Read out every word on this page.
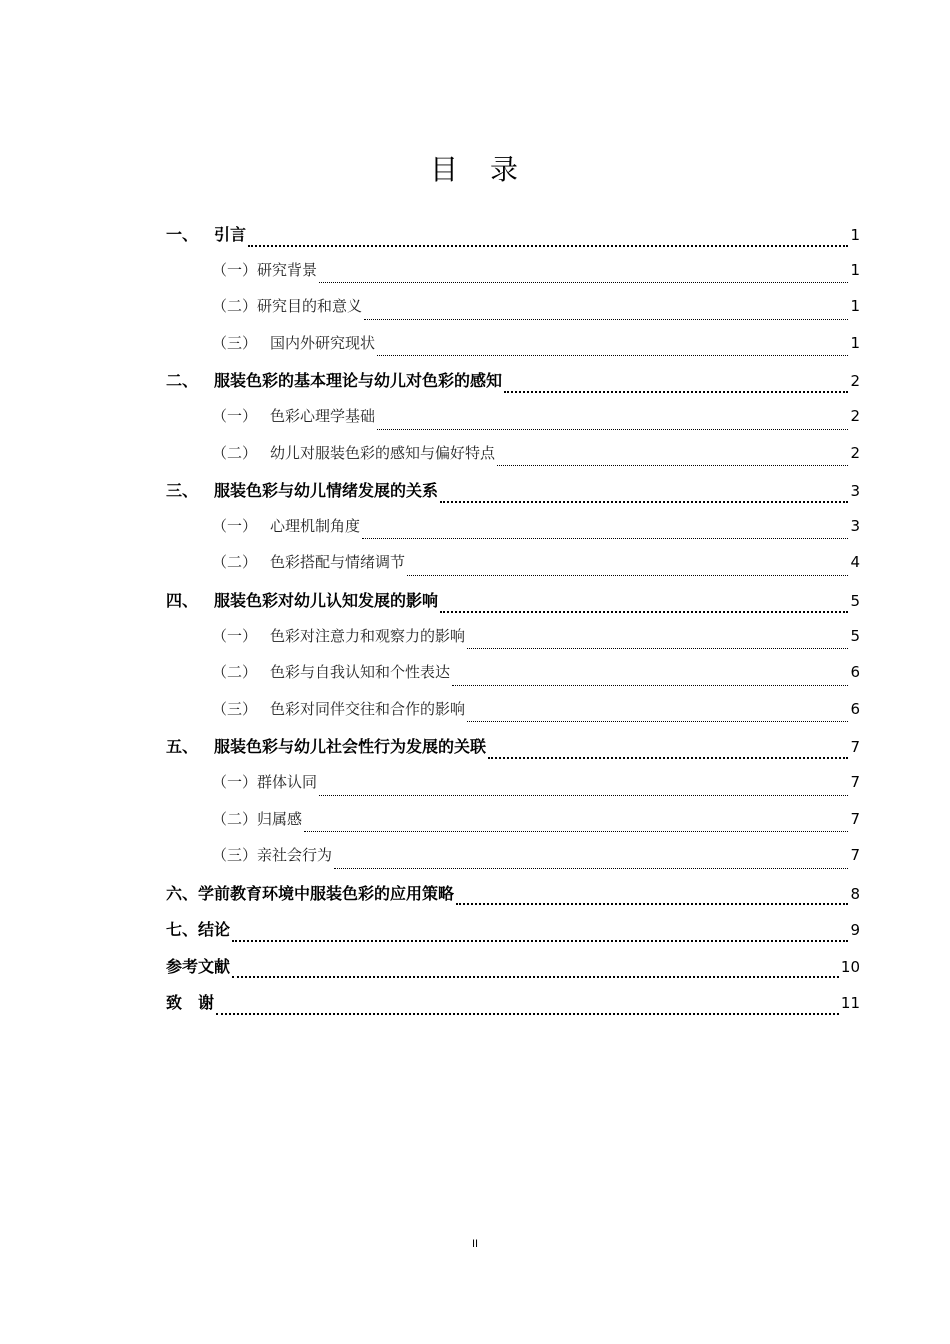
目　录
一、 引言	1
（一）研究背景	1
（二）研究目的和意义	1
（三） 国内外研究现状	1
二、 服装色彩的基本理论与幼儿对色彩的感知	2
（一） 色彩心理学基础	2
（二） 幼儿对服装色彩的感知与偏好特点	2
三、 服装色彩与幼儿情绪发展的关系	3
（一） 心理机制角度	3
（二） 色彩搭配与情绪调节	4
四、 服装色彩对幼儿认知发展的影响	5
（一） 色彩对注意力和观察力的影响	5
（二） 色彩与自我认知和个性表达	6
（三） 色彩对同伴交往和合作的影响	6
五、 服装色彩与幼儿社会性行为发展的关联	7
（一）群体认同	7
（二）归属感	7
（三）亲社会行为	7
六、学前教育环境中服装色彩的应用策略	8
七、结论	9
参考文献	10
致　谢	11
II
